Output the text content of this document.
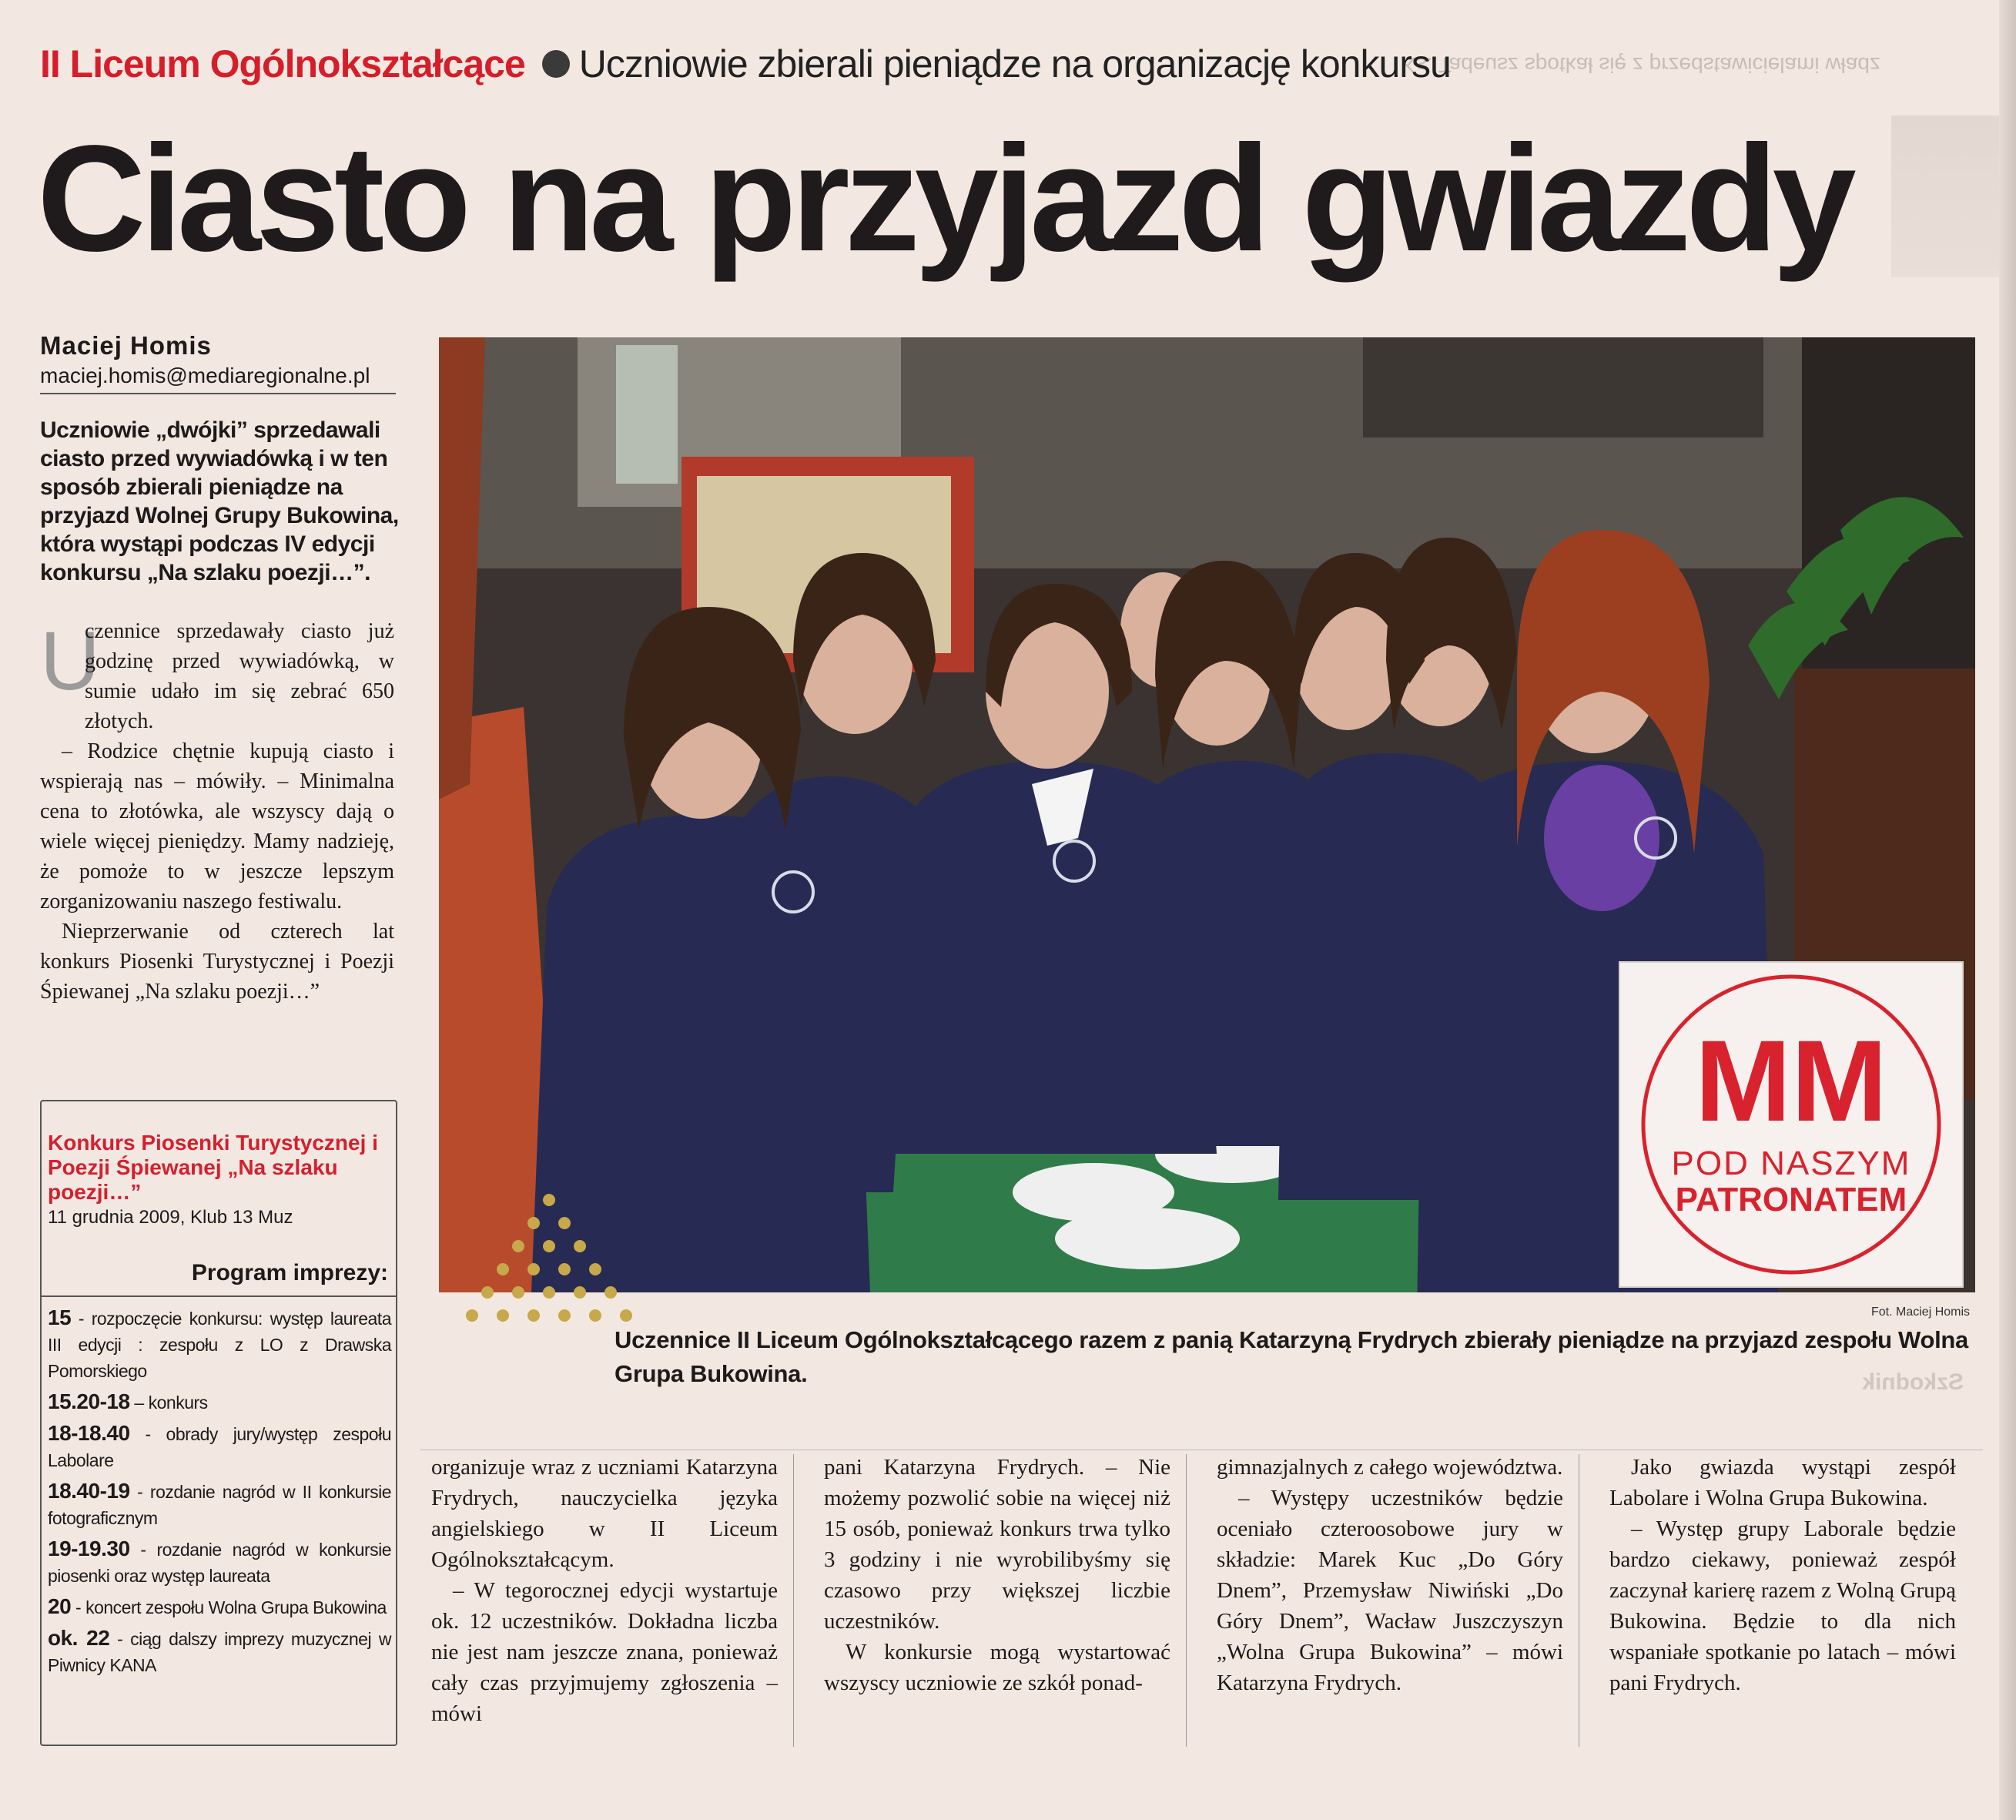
Ks. Tadeusz spotkał się z przedstawicielami władz
II Liceum Ogólnokształcące Uczniowie zbierali pieniądze na organizację konkursu
Ciasto na przyjazd gwiazdy
Maciej Homis
maciej.homis@mediaregionalne.pl
Uczniowie „dwójki” sprzedawali ciasto przed wywiadówką i w ten sposób zbierali pieniądze na przyjazd Wolnej Grupy Bukowina, która wystąpi podczas IV edycji konkursu „Na szlaku poezji…”.
U
czennice sprzedawały ciasto już godzinę przed wywiadówką, w sumie udało im się zebrać 650 złotych.

– Rodzice chętnie kupują ciasto i wspierają nas – mówiły. – Minimalna cena to złotówka, ale wszyscy dają o wiele więcej pieniędzy. Mamy nadzieję, że pomoże to w jeszcze lepszym zorganizowaniu naszego festiwalu.

Nieprzerwanie od czterech lat konkurs Piosenki Turystycznej i Poezji Śpiewanej „Na szlaku poezji…”

MM
POD NASZYM
PATRONATEM
Fot. Maciej Homis
Uczennice II Liceum Ogólnokształcącego razem z panią Katarzyną Frydrych zbierały pieniądze na przyjazd zespołu Wolna Grupa Bukowina.
Konkurs Piosenki Turystycznej i Poezji Śpiewanej „Na szlaku poezji…”
11 grudnia 2009, Klub 13 Muz
Program imprezy:
15 - rozpoczęcie konkursu: występ laureata III edycji : zespołu z LO z Drawska Pomorskiego
15.20-18 – konkurs
18-18.40 - obrady jury/występ zespołu Labolare
18.40-19 - rozdanie nagród w II konkursie fotograficznym
19-19.30 - rozdanie nagród w konkursie piosenki oraz występ laureata
20 - koncert zespołu Wolna Grupa Bukowina
ok. 22 - ciąg dalszy imprezy muzycznej w Piwnicy KANA
Szkodnik

organizuje wraz z uczniami Katarzyna Frydrych, nauczycielka języka angielskiego w II Liceum Ogólnokształcącym.

– W tegorocznej edycji wystartuje ok. 12 uczestników. Dokładna liczba nie jest nam jeszcze znana, ponieważ cały czas przyjmujemy zgłoszenia – mówi

pani Katarzyna Frydrych. – Nie możemy pozwolić sobie na więcej niż 15 osób, ponieważ konkurs trwa tylko 3 godziny i nie wyrobilibyśmy się czasowo przy większej liczbie uczestników.

W konkursie mogą wystartować wszyscy uczniowie ze szkół ponad-

gimnazjalnych z całego województwa.

– Występy uczestników będzie oceniało czteroosobowe jury w składzie: Marek Kuc „Do Góry Dnem”, Przemysław Niwiński „Do Góry Dnem”, Wacław Juszczyszyn „Wolna Grupa Bukowina” – mówi Katarzyna Frydrych.

Jako gwiazda wystąpi zespół Labolare i Wolna Grupa Bukowina.

– Występ grupy Laborale będzie bardzo ciekawy, ponieważ zespół zaczynał karierę razem z Wolną Grupą Bukowina. Będzie to dla nich wspaniałe spotkanie po latach – mówi pani Frydrych.
